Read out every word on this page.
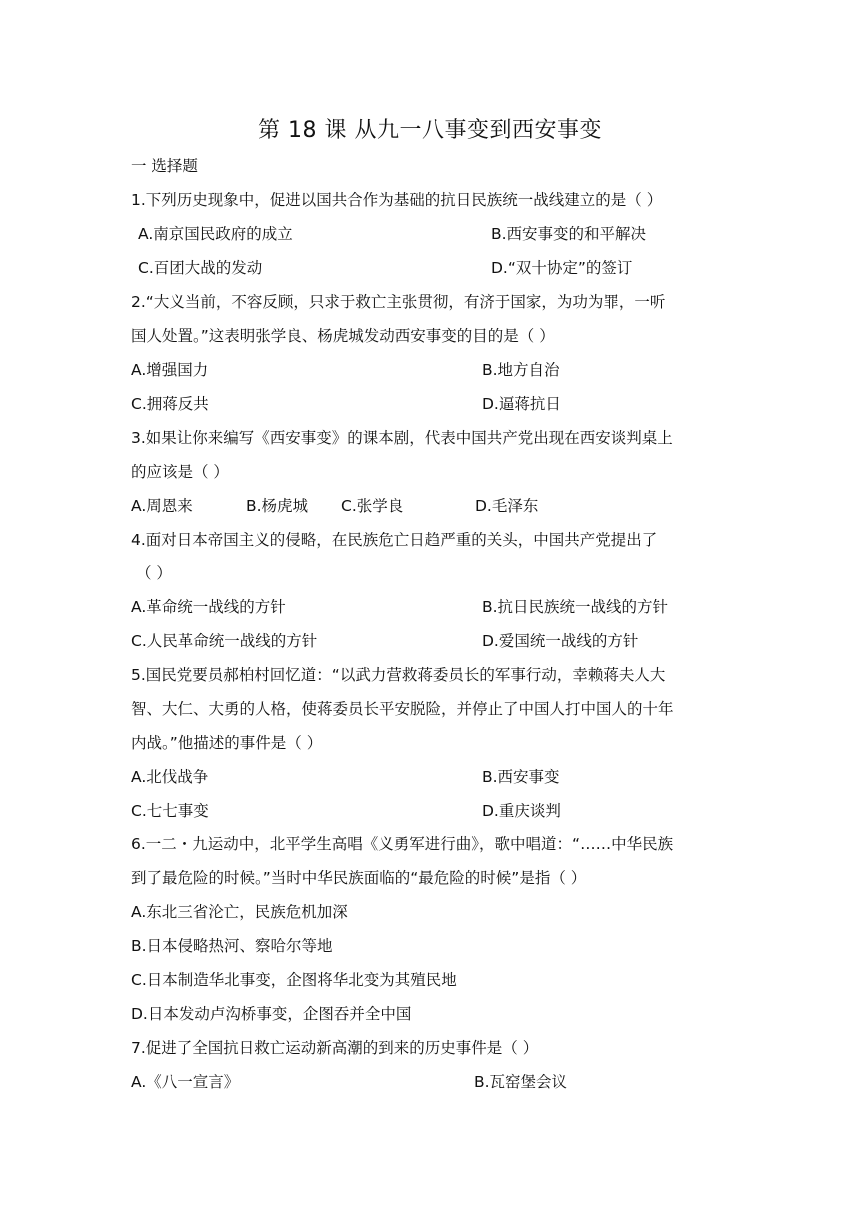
第 18 课 从九一八事变到西安事变
一 选择题
1.下列历史现象中，促进以国共合作为基础的抗日民族统一战线建立的是（ ）
A.南京国民政府的成立	B.西安事变的和平解决
C.百团大战的发动	D.“双十协定”的签订
2.“大义当前，不容反顾，只求于救亡主张贯彻，有济于国家，为功为罪，一听
国人处置。”这表明张学良、杨虎城发动西安事变的目的是（ ）
A.增强国力	B.地方自治
C.拥蒋反共	D.逼蒋抗日
3.如果让你来编写《西安事变》的课本剧，代表中国共产党出现在西安谈判桌上
的应该是（ ）
A.周恩来	B.杨虎城 C.张学良	D.毛泽东
4.面对日本帝国主义的侵略，在民族危亡日趋严重的关头，中国共产党提出了
（ ）
A.革命统一战线的方针	B.抗日民族统一战线的方针
C.人民革命统一战线的方针	D.爱国统一战线的方针
5.国民党要员郝柏村回忆道：“以武力营救蒋委员长的军事行动，幸赖蒋夫人大
智、大仁、大勇的人格，使蒋委员长平安脱险，并停止了中国人打中国人的十年
内战。”他描述的事件是（ ）
A.北伐战争	B.西安事变
C.七七事变	D.重庆谈判
6.一二・九运动中，北平学生高唱《义勇军进行曲》，歌中唱道：“……中华民族
到了最危险的时候。”当时中华民族面临的“最危险的时候”是指（ ）
A.东北三省沦亡，民族危机加深
B.日本侵略热河、察哈尔等地
C.日本制造华北事变，企图将华北变为其殖民地
D.日本发动卢沟桥事变，企图吞并全中国
7.促进了全国抗日救亡运动新高潮的到来的历史事件是（ ）
A.《八一宣言》	B.瓦窑堡会议
